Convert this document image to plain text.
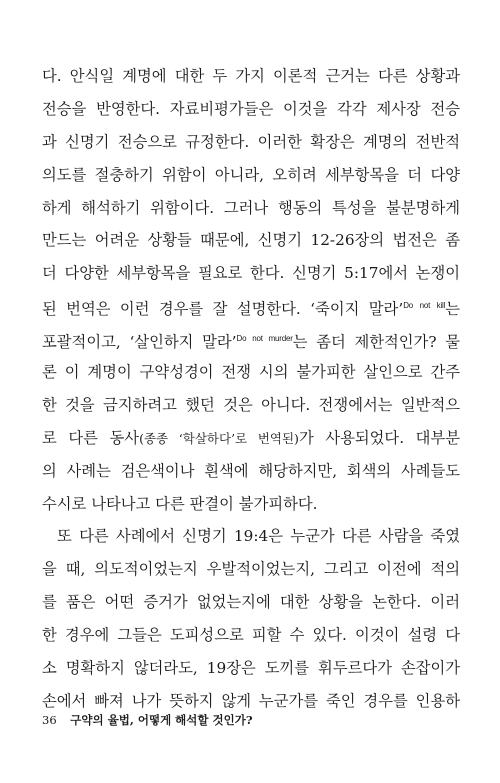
다. 안식일 계명에 대한 두 가지 이론적 근거는 다른 상황과
전승을 반영한다. 자료비평가들은 이것을 각각 제사장 전승
과 신명기 전승으로 규정한다. 이러한 확장은 계명의 전반적
의도를 절충하기 위함이 아니라, 오히려 세부항목을 더 다양
하게 해석하기 위함이다. 그러나 행동의 특성을 불분명하게
만드는 어려운 상황들 때문에, 신명기 12-26장의 법전은 좀
더 다양한 세부항목을 필요로 한다. 신명기 5:17에서 논쟁이
된 번역은 이런 경우를 잘 설명한다. ‘죽이지 말라’$^{Do not kill}$는
포괄적이고, ‘살인하지 말라’$^{Do not murder}$는 좀더 제한적인가? 물
론 이 계명이 구약성경이 전쟁 시의 불가피한 살인으로 간주
한 것을 금지하려고 했던 것은 아니다. 전쟁에서는 일반적으
로 다른 동사(종종 ‘학살하다’로 번역된)가 사용되었다. 대부분
의 사례는 검은색이나 흰색에 해당하지만, 회색의 사례들도
수시로 나타나고 다른 판결이 불가피하다.
또 다른 사례에서 신명기 19:4은 누군가 다른 사람을 죽였
을 때, 의도적이었는지 우발적이었는지, 그리고 이전에 적의
를 품은 어떤 증거가 없었는지에 대한 상황을 논한다. 이러
한 경우에 그들은 도피성으로 피할 수 있다. 이것이 설령 다
소 명확하지 않더라도, 19장은 도끼를 휘두르다가 손잡이가
손에서 빠져 나가 뜻하지 않게 누군가를 죽인 경우를 인용하
36 구약의 율법, 어떻게 해석할 것인가?
